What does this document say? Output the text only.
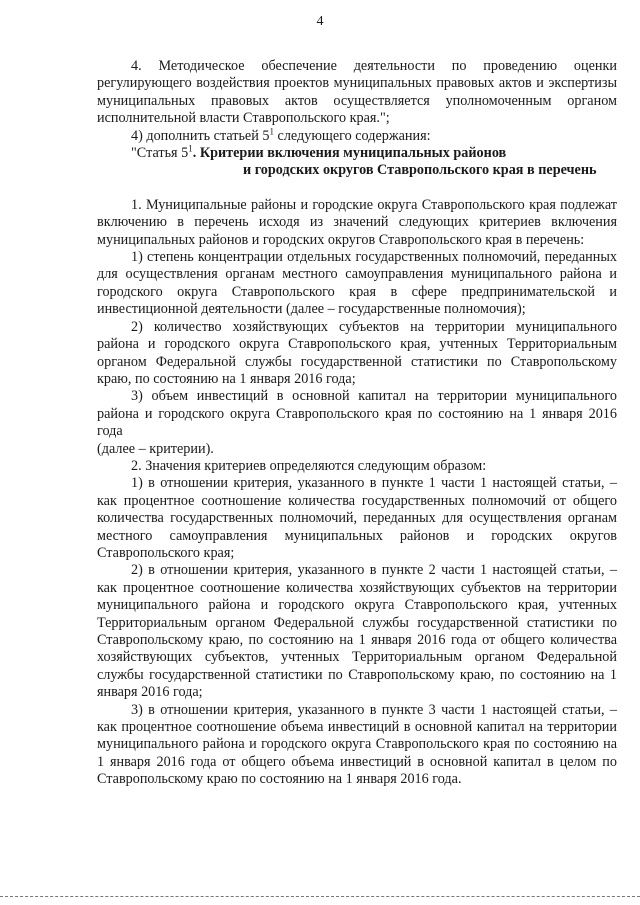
4

4. Методическое обеспечение деятельности по проведению оценки регулирующего воздействия проектов муниципальных правовых актов и экспертизы муниципальных правовых актов осуществляется уполномоченным органом исполнительной власти Ставропольского края.";

4) дополнить статьей $5^1$ следующего содержания:

"Статья $5^1$. Критерии включения муниципальных районов

и городских округов Ставропольского края в перечень

1. Муниципальные районы и городские округа Ставропольского края подлежат включению в перечень исходя из значений следующих критериев включения муниципальных районов и городских округов Ставропольского края в перечень:

1) степень концентрации отдельных государственных полномочий, переданных для осуществления органам местного самоуправления муниципального района и городского округа Ставропольского края в сфере предпринимательской и инвестиционной деятельности (далее – государственные полномочия);

2) количество хозяйствующих субъектов на территории муниципального района и городского округа Ставропольского края, учтенных Территориальным органом Федеральной службы государственной статистики по Ставропольскому краю, по состоянию на 1 января 2016 года;

3) объем инвестиций в основной капитал на территории муниципального района и городского округа Ставропольского края по состоянию на 1 января 2016 года

(далее – критерии).

2. Значения критериев определяются следующим образом:

1) в отношении критерия, указанного в пункте 1 части 1 настоящей статьи, – как процентное соотношение количества государственных полномочий от общего количества государственных полномочий, переданных для осуществления органам местного самоуправления муниципальных районов и городских округов Ставропольского края;

2) в отношении критерия, указанного в пункте 2 части 1 настоящей статьи, – как процентное соотношение количества хозяйствующих субъектов на территории муниципального района и городского округа Ставропольского края, учтенных Территориальным органом Федеральной службы государственной статистики по Ставропольскому краю, по состоянию на 1 января 2016 года от общего количества хозяйствующих субъектов, учтенных Территориальным органом Федеральной службы государственной статистики по Ставропольскому краю, по состоянию на 1 января 2016 года;

3) в отношении критерия, указанного в пункте 3 части 1 настоящей статьи, – как процентное соотношение объема инвестиций в основной капитал на территории муниципального района и городского округа Ставропольского края по состоянию на 1 января 2016 года от общего объема инвестиций в основной капитал в целом по Ставропольскому краю по состоянию на 1 января 2016 года.
